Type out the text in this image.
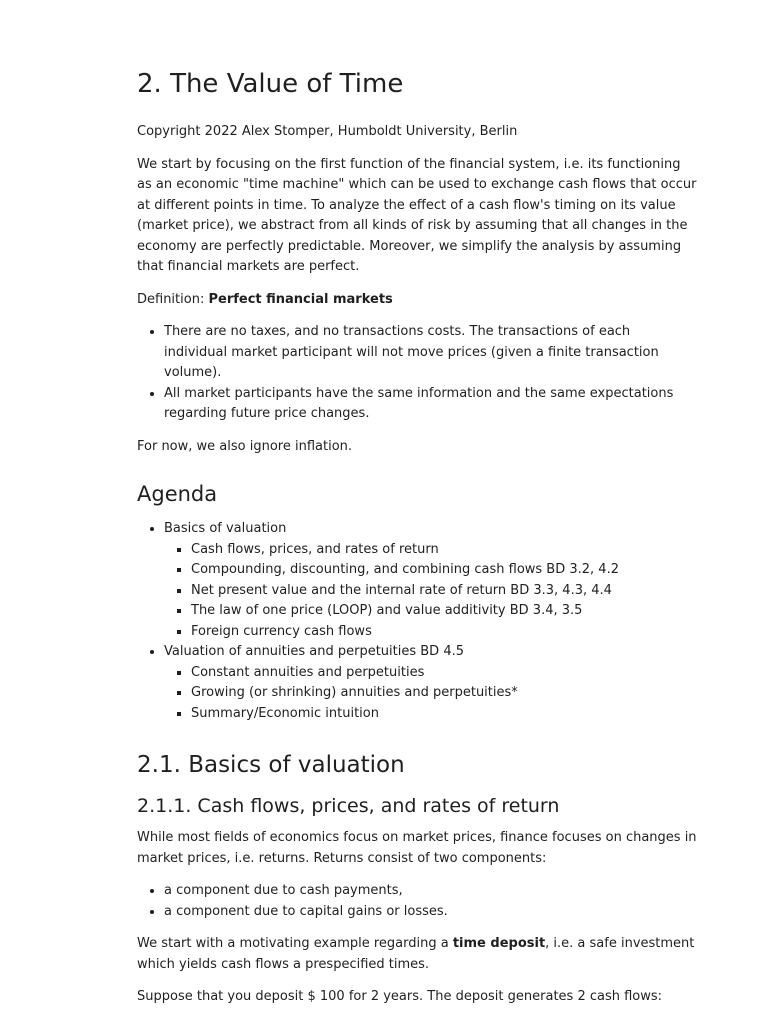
2. The Value of Time

Copyright 2022 Alex Stomper, Humboldt University, Berlin

We start by focusing on the first function of the financial system, i.e. its functioning as an economic "time machine" which can be used to exchange cash flows that occur at different points in time. To analyze the effect of a cash flow's timing on its value (market price), we abstract from all kinds of risk by assuming that all changes in the economy are perfectly predictable. Moreover, we simplify the analysis by assuming that financial markets are perfect.

Definition: Perfect financial markets

• There are no taxes, and no transactions costs. The transactions of each individual market participant will not move prices (given a finite transaction volume).
• All market participants have the same information and the same expectations regarding future price changes.

For now, we also ignore inflation.

Agenda
• Basics of valuation
▪ Cash flows, prices, and rates of return
▪ Compounding, discounting, and combining cash flows BD 3.2, 4.2
▪ Net present value and the internal rate of return BD 3.3, 4.3, 4.4
▪ The law of one price (LOOP) and value additivity BD 3.4, 3.5
▪ Foreign currency cash flows
• Valuation of annuities and perpetuities BD 4.5
▪ Constant annuities and perpetuities
▪ Growing (or shrinking) annuities and perpetuities*
▪ Summary/Economic intuition
2.1. Basics of valuation
2.1.1. Cash flows, prices, and rates of return

While most fields of economics focus on market prices, finance focuses on changes in market prices, i.e. returns. Returns consist of two components:

• a component due to cash payments,
• a component due to capital gains or losses.

We start with a motivating example regarding a time deposit, i.e. a safe investment which yields cash flows a prespecified times.

Suppose that you deposit $ 100 for 2 years. The deposit generates 2 cash flows:
